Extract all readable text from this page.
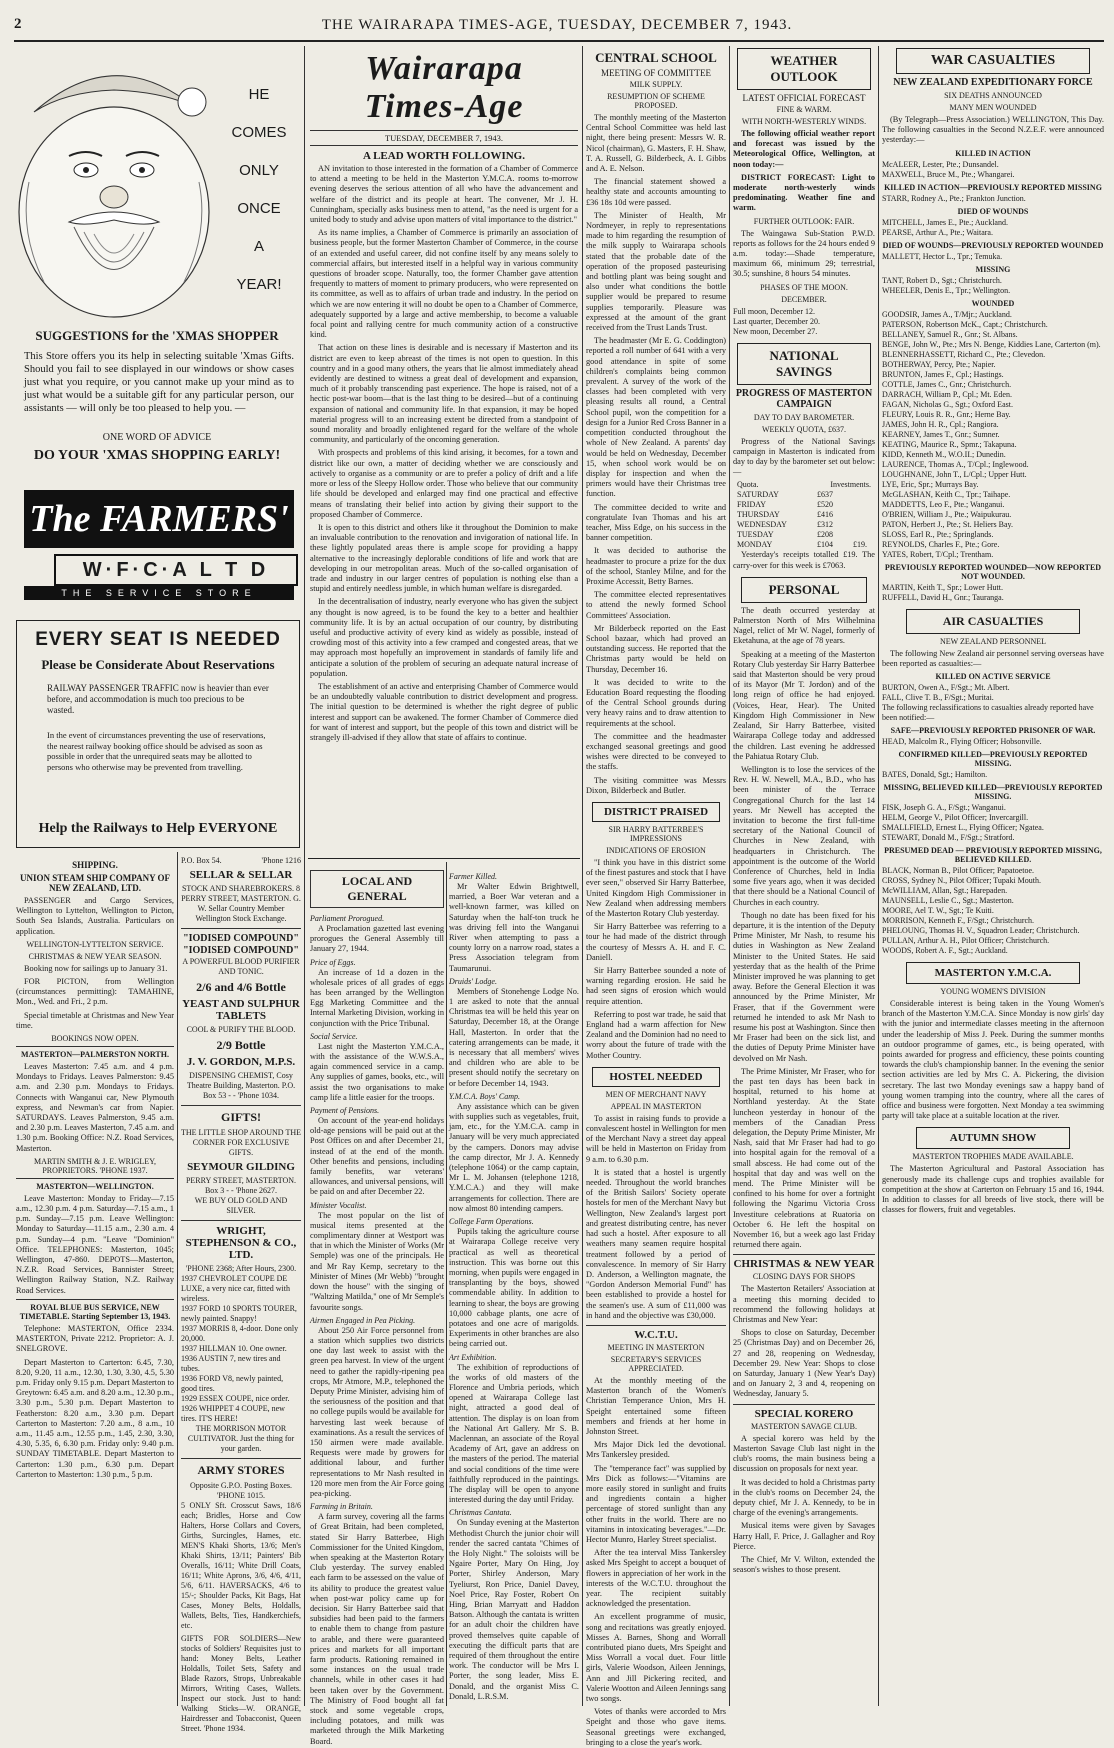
2	THE WAIRARAPA TIMES-AGE, TUESDAY, DECEMBER 7, 1943.
HE
COMES
ONLY
ONCE
A
YEAR!
SUGGESTIONS for the 'XMAS SHOPPER
This Store offers you its help in selecting suitable 'Xmas Gifts. Should you fail to see displayed in our windows or show cases just what you require, or you cannot make up your mind as to just what would be a suitable gift for any particular person, our assistants — will only be too pleased to help you. —
ONE WORD OF ADVICE
DO YOUR 'XMAS SHOPPING EARLY!
The FARMERS'
W·F·C·A L T D
THE SERVICE STORE
EVERY SEAT IS NEEDED
Please be Considerate About Reservations
RAILWAY PASSENGER TRAFFIC now is heavier than ever before, and accommodation is much too precious to be wasted.
In the event of circumstances preventing the use of reservations, the nearest railway booking office should be advised as soon as possible in order that the unrequired seats may be allotted to persons who otherwise may be prevented from travelling.
Help the Railways to Help EVERYONE
SHIPPING.
UNION STEAM SHIP COMPANY OF NEW ZEALAND, LTD.

PASSENGER and Cargo Services, Wellington to Lyttelton, Wellington to Picton, South Sea Islands, Australia. Particulars on application.

WELLINGTON-LYTTELTON SERVICE.
CHRISTMAS & NEW YEAR SEASON.

Booking now for sailings up to January 31.

FOR PICTON, from Wellington (circumstances permitting): TAMAHINE, Mon., Wed. and Fri., 2 p.m.

Special timetable at Christmas and New Year time.

BOOKINGS NOW OPEN.
MASTERTON—PALMERSTON NORTH.

Leaves Masterton: 7.45 a.m. and 4 p.m. Mondays to Fridays. Leaves Palmerston: 9.45 a.m. and 2.30 p.m. Mondays to Fridays. Connects with Wanganui car, New Plymouth express, and Newman's car from Napier. SATURDAYS. Leaves Palmerston, 9.45 a.m. and 2.30 p.m. Leaves Masterton, 7.45 a.m. and 1.30 p.m. Booking Office: N.Z. Road Services, Masterton.

MARTIN SMITH & J. E. WRIGLEY, PROPRIETORS. 'PHONE 1937.
MASTERTON—WELLINGTON.

Leave Masterton: Monday to Friday—7.15 a.m., 12.30 p.m. 4 p.m. Saturday—7.15 a.m., 1 p.m. Sunday—7.15 p.m. Leave Wellington: Monday to Saturday—11.15 a.m., 2.30 a.m. 4 p.m. Sunday—4 p.m. "Leave "Dominion" Office. TELEPHONES: Masterton, 1045; Wellington, 47-860. DEPOTS—Masterton, N.Z.R. Road Services, Bannister Street; Wellington Railway Station, N.Z. Railway Road Services.

ROYAL BLUE BUS SERVICE, NEW TIMETABLE. Starting September 13, 1943.

Telephone: MASTERTON, Office 2334. MASTERTON, Private 2212. Proprietor: A. J. SNELGROVE.

Depart Masterton to Carterton: 6.45, 7.30, 8.20, 9.20, 11 a.m., 12.30, 1.30, 3.30, 4.5, 5.30 p.m. Friday only 9.15 p.m. Depart Masterton to Greytown: 6.45 a.m. and 8.20 a.m., 12.30 p.m., 3.30 p.m., 5.30 p.m. Depart Masterton to Featherston: 8.20 a.m., 3.30 p.m. Depart Carterton to Masterton: 7.20 a.m., 8 a.m., 10 a.m., 11.45 a.m., 12.55 p.m., 1.45, 2.30, 3.30, 4.30, 5.35, 6, 6.30 p.m. Friday only: 9.40 p.m. SUNDAY TIMETABLE. Depart Masterton to Carterton: 1.30 p.m., 6.30 p.m. Depart Carterton to Masterton: 1.30 p.m., 5 p.m.

P.O. Box 54.	'Phone 1216
SELLAR & SELLAR
STOCK AND SHAREBROKERS. 8 PERRY STREET, MASTERTON. G. W. Sellar Country Member Wellington Stock Exchange.
"IODISED COMPOUND"
"IODISED COMPOUND"
A POWERFUL BLOOD PURIFIER AND TONIC.
2/6 and 4/6 Bottle
YEAST AND SULPHUR TABLETS
COOL & PURIFY THE BLOOD.
2/9 Bottle
J. V. GORDON, M.P.S.
DISPENSING CHEMIST, Cosy Theatre Building, Masterton. P.O. Box 53 - - 'Phone 1034.
GIFTS!
THE LITTLE SHOP AROUND THE CORNER FOR EXCLUSIVE GIFTS.
SEYMOUR GILDING
PERRY STREET, MASTERTON. Box 3 - - 'Phone 2627.
WE BUY OLD GOLD AND SILVER.
WRIGHT, STEPHENSON & CO., LTD.
'PHONE 2368; After Hours, 2300.
1937 CHEVROLET COUPE DE LUXE, a very nice car, fitted with wireless.
1937 FORD 10 SPORTS TOURER, newly painted. Snappy!
1937 MORRIS 8, 4-door. Done only 20,000.
1937 HILLMAN 10. One owner.
1936 AUSTIN 7, new tires and tubes.
1936 FORD V8, newly painted, good tires.
1929 ESSEX COUPE, nice order.
1926 WHIPPET 4 COUPE, new tires. IT'S HERE!
THE MORRISON MOTOR CULTIVATOR. Just the thing for your garden.
ARMY STORES
Opposite G.P.O. Posting Boxes. 'PHONE 1015.
5 ONLY Sft. Crosscut Saws, 18/6 each; Bridles, Horse and Cow Halters, Horse Collars and Covers, Girths, Surcingles, Hames, etc. MEN'S Khaki Shorts, 13/6; Men's Khaki Shirts, 13/11; Painters' Bib Overalls, 16/11; White Drill Coats, 16/11; White Aprons, 3/6, 4/6, 4/11, 5/6, 6/11. HAVERSACKS, 4/6 to 15/-; Shoulder Packs, Kit Bags, Hat Cases, Money Belts, Holdalls, Wallets, Belts, Ties, Handkerchiefs, etc.
GIFTS FOR SOLDIERS—New stocks of Soldiers' Requisites just to hand: Money Belts, Leather Holdalls, Toilet Sets, Safety and Blade Razors, Strops, Unbreakable Mirrors, Writing Cases, Wallets. Inspect our stock. Just to hand: Walking Sticks—W. ORANGE, Hairdresser and Tobacconist, Queen Street. 'Phone 1934.
Wairarapa Times-Age
TUESDAY, DECEMBER 7, 1943.
A LEAD WORTH FOLLOWING.

AN invitation to those interested in the formation of a Chamber of Commerce to attend a meeting to be held in the Masterton Y.M.C.A. rooms to-morrow evening deserves the serious attention of all who have the advancement and welfare of the district and its people at heart. The convener, Mr J. H. Cunningham, specially asks business men to attend, "as the need is urgent for a united body to study and advise upon matters of vital importance to the district."

As its name implies, a Chamber of Commerce is primarily an association of business people, but the former Masterton Chamber of Commerce, in the course of an extended and useful career, did not confine itself by any means solely to commercial affairs, but interested itself in a helpful way in various community questions of broader scope. Naturally, too, the former Chamber gave attention frequently to matters of moment to primary producers, who were represented on its committee, as well as to affairs of urban trade and industry. In the period on which we are now entering it will no doubt be open to a Chamber of Commerce, adequately supported by a large and active membership, to become a valuable focal point and rallying centre for much community action of a constructive kind.

That action on these lines is desirable and is necessary if Masterton and its district are even to keep abreast of the times is not open to question. In this country and in a good many others, the years that lie almost immediately ahead evidently are destined to witness a great deal of development and expansion, much of it probably transcending past experience. The hope is raised, not of a hectic post-war boom—that is the last thing to be desired—but of a continuing expansion of national and community life. In that expansion, it may be hoped material progress will to an increasing extent be directed from a standpoint of sound morality and broadly enlightened regard for the welfare of the whole community, and particularly of the oncoming generation.

With prospects and problems of this kind arising, it becomes, for a town and district like our own, a matter of deciding whether we are consciously and actively to organise as a community or are to prefer a policy of drift and a life more or less of the Sleepy Hollow order. Those who believe that our community life should be developed and enlarged may find one practical and effective means of translating their belief into action by giving their support to the proposed Chamber of Commerce.

It is open to this district and others like it throughout the Dominion to make an invaluable contribution to the renovation and invigoration of national life. In these lightly populated areas there is ample scope for providing a happy alternative to the increasingly deplorable conditions of life and work that are developing in our metropolitan areas. Much of the so-called organisation of trade and industry in our larger centres of population is nothing else than a stupid and entirely needless jumble, in which human welfare is disregarded.

In the decentralisation of industry, nearly everyone who has given the subject any thought is now agreed, is to be found the key to a better and healthier community life. It is by an actual occupation of our country, by distributing useful and productive activity of every kind as widely as possible, instead of crowding most of this activity into a few cramped and congested areas, that we may approach most hopefully an improvement in standards of family life and anticipate a solution of the problem of securing an adequate natural increase of population.

The establishment of an active and enterprising Chamber of Commerce would be an undoubtedly valuable contribution to district development and progress. The initial question to be determined is whether the right degree of public interest and support can be awakened. The former Chamber of Commerce died for want of interest and support, but the people of this town and district will be strangely ill-advised if they allow that state of affairs to continue.

LOCAL AND GENERAL
Parliament Prorogued.

A Proclamation gazetted last evening prorogues the General Assembly till January 27, 1944.

Price of Eggs.

An increase of 1d a dozen in the wholesale prices of all grades of eggs has been arranged by the Wellington Egg Marketing Committee and the Internal Marketing Division, working in conjunction with the Price Tribunal.

Social Service.

Last night the Masterton Y.M.C.A., with the assistance of the W.W.S.A., again commenced service in a camp. Any supplies of games, books, etc., will assist the two organisations to make camp life a little easier for the troops.

Payment of Pensions.

On account of the year-end holidays old-age pensions will be paid out at the Post Offices on and after December 21, instead of at the end of the month. Other benefits and pensions, including family benefits, war veterans' allowances, and universal pensions, will be paid on and after December 22.

Minister Vocalist.

The most popular on the list of musical items presented at the complimentary dinner at Westport was that in which the Minister of Works (Mr Semple) was one of the principals. He and Mr Ray Kemp, secretary to the Minister of Mines (Mr Webb) "brought down the house" with the singing of "Waltzing Matilda," one of Mr Semple's favourite songs.

Airmen Engaged in Pea Picking.

About 250 Air Force personnel from a station which supplies two districts one day last week to assist with the green pea harvest. In view of the urgent need to gather the rapidly-ripening pea crops, Mr Atmore, M.P., telephoned the Deputy Prime Minister, advising him of the seriousness of the position and that no college pupils would be available for harvesting last week because of examinations. As a result the services of 150 airmen were made available. Requests were made by growers for additional labour, and further representations to Mr Nash resulted in 120 more men from the Air Force going pea-picking.

Farming in Britain.

A farm survey, covering all the farms of Great Britain, had been completed, stated Sir Harry Batterbee, High Commissioner for the United Kingdom, when speaking at the Masterton Rotary Club yesterday. The survey enabled each farm to be assessed on the value of its ability to produce the greatest value when post-war policy came up for decision. Sir Harry Batterbee said that subsidies had been paid to the farmers to enable them to change from pasture to arable, and there were guaranteed prices and markets for all important farm products. Rationing remained in some instances on the usual trade channels, while in other cases it had been taken over by the Government. The Ministry of Food bought all fat stock and some vegetable crops, including potatoes, and milk was marketed through the Milk Marketing Board.

Farmer Killed.

Mr Walter Edwin Brightwell, married, a Boer War veteran and a well-known farmer, was killed on Saturday when the half-ton truck he was driving fell into the Wanganui River when attempting to pass a county lorry on a narrow road, states a Press Association telegram from Taumarunui.

Druids' Lodge.

Members of Stonehenge Lodge No. 1 are asked to note that the annual Christmas tea will be held this year on Saturday, December 18, at the Orange Hall, Masterton. In order that the catering arrangements can be made, it is necessary that all members' wives and children who are able to be present should notify the secretary on or before December 14, 1943.

Y.M.C.A. Boys' Camp.

Any assistance which can be given with supplies such as vegetables, fruit, jam, etc., for the Y.M.C.A. camp in January will be very much appreciated by the campers. Donors may advise the camp director, Mr J. A. Kennedy (telephone 1064) or the camp captain, Mr L. M. Johansen (telephone 1218, Y.M.C.A.) and they will make arrangements for collection. There are now almost 80 intending campers.

College Farm Operations.

Pupils taking the agriculture course at Wairarapa College receive very practical as well as theoretical instruction. This was borne out this morning, when pupils were engaged in transplanting by the boys, showed commendable ability. In addition to learning to shear, the boys are growing 10,000 cabbage plants, one acre of potatoes and one acre of marigolds. Experiments in other branches are also being carried out.

Art Exhibition.

The exhibition of reproductions of the works of old masters of the Florence and Umbria periods, which opened at Wairarapa College last night, attracted a good deal of attention. The display is on loan from the National Art Gallery. Mr S. B. Maclennan, an associate of the Royal Academy of Art, gave an address on the masters of the period. The material and social conditions of the time were faithfully reproduced in the paintings. The display will be open to anyone interested during the day until Friday.

Christmas Cantata.

On Sunday evening at the Masterton Methodist Church the junior choir will render the sacred cantata "Chimes of the Holy Night." The soloists will be Ngaire Porter, Mary On Hing, Joy Porter, Shirley Anderson, Mary Tyeliurst, Ron Price, Daniel Davey, Noel Price, Ray Foster, Robert On Hing, Brian Marryatt and Haddon Batson. Although the cantata is written for an adult choir the children have proved themselves quite capable of executing the difficult parts that are required of them throughout the entire work. The conductor will be Mrs I. Porter, the song leader, Miss E. Donald, and the organist Miss C. Donald, L.R.S.M.

CENTRAL SCHOOL
MEETING OF COMMITTEE
MILK SUPPLY.
RESUMPTION OF SCHEME PROPOSED.

The monthly meeting of the Masterton Central School Committee was held last night, there being present: Messrs W. R. Nicol (chairman), G. Masters, F. H. Shaw, T. A. Russell, G. Bilderbeck, A. I. Gibbs and A. E. Nelson.

The financial statement showed a healthy state and accounts amounting to £36 18s 10d were passed.

The Minister of Health, Mr Nordmeyer, in reply to representations made to him regarding the resumption of the milk supply to Wairarapa schools stated that the probable date of the operation of the proposed pasteurising and bottling plant was being sought and also under what conditions the bottle supplier would be prepared to resume supplies temporarily. Pleasure was expressed at the amount of the grant received from the Trust Lands Trust.

The headmaster (Mr E. G. Coddington) reported a roll number of 641 with a very good attendance in spite of some children's complaints being common prevalent. A survey of the work of the classes had been completed with very pleasing results all round, a Central School pupil, won the competition for a design for a Junior Red Cross Banner in a competition conducted throughout the whole of New Zealand. A parents' day would be held on Wednesday, December 15, when school work would be on display for inspection and when the primers would have their Christmas tree function.

The committee decided to write and congratulate Ivan Thomas and his art teacher, Miss Edge, on his success in the banner competition.

It was decided to authorise the headmaster to procure a prize for the dux of the school, Stanley Milne, and for the Proxime Accessit, Betty Barnes.

The committee elected representatives to attend the newly formed School Committees' Association.

Mr Bilderbeck reported on the East School bazaar, which had proved an outstanding success. He reported that the Christmas party would be held on Thursday, December 16.

It was decided to write to the Education Board requesting the flooding of the Central School grounds during very heavy rains and to draw attention to requirements at the school.

The committee and the headmaster exchanged seasonal greetings and good wishes were directed to be conveyed to the staffs.

The visiting committee was Messrs Dixon, Bilderbeck and Butler.

DISTRICT PRAISED
SIR HARRY BATTERBEE'S IMPRESSIONS
INDICATIONS OF EROSION

"I think you have in this district some of the finest pastures and stock that I have ever seen," observed Sir Harry Batterbee, United Kingdom High Commissioner in New Zealand when addressing members of the Masterton Rotary Club yesterday.

Sir Harry Batterbee was referring to a tour he had made of the district through the courtesy of Messrs A. H. and F. C. Daniell.

Sir Harry Batterbee sounded a note of warning regarding erosion. He said he had seen signs of erosion which would require attention.

Referring to post war trade, he said that England had a warm affection for New Zealand and the Dominion had no need to worry about the future of trade with the Mother Country.

HOSTEL NEEDED
MEN OF MERCHANT NAVY
APPEAL IN MASTERTON

To assist in raising funds to provide a convalescent hostel in Wellington for men of the Merchant Navy a street day appeal will be held in Masterton on Friday from 9 a.m. to 6.30 p.m.

It is stated that a hostel is urgently needed. Throughout the world branches of the British Sailors' Society operate hostels for men of the Merchant Navy but Wellington, New Zealand's largest port and greatest distributing centre, has never had such a hostel. After exposure to all weathers many seamen require hospital treatment followed by a period of convalescence. In memory of Sir Harry D. Anderson, a Wellington magnate, the "Gordon Anderson Memorial Fund" has been established to provide a hostel for the seamen's use. A sum of £11,000 was in hand and the objective was £30,000.

W.C.T.U.
MEETING IN MASTERTON
SECRETARY'S SERVICES APPRECIATED.

At the monthly meeting of the Masterton branch of the Women's Christian Temperance Union, Mrs H. Speight entertained some fifteen members and friends at her home in Johnston Street.

Mrs Major Dick led the devotional. Mrs Tankersley presided.

The "temperance fact" was supplied by Mrs Dick as follows:—"Vitamins are more easily stored in sunlight and fruits and ingredients contain a higher percentage of stored sunlight than any other fruits in the world. There are no vitamins in intoxicating beverages."—Dr. Hector Munro, Harley Street specialist.

After the tea interval Miss Tankersley asked Mrs Speight to accept a bouquet of flowers in appreciation of her work in the interests of the W.C.T.U. throughout the year. The recipient suitably acknowledged the presentation.

An excellent programme of music, song and recitations was greatly enjoyed. Misses A. Barnes, Shong and Worrall contributed piano duets, Mrs Speight and Miss Worrall a vocal duet. Four little girls, Valerie Woodson, Aileen Jennings, Ann and Jill Pickering recited, and Valerie Wootton and Aileen Jennings sang two songs.

Votes of thanks were accorded to Mrs Speight and those who gave items. Seasonal greetings were exchanged, bringing to a close the year's work.

WEATHER OUTLOOK
LATEST OFFICIAL FORECAST
FINE & WARM.
WITH NORTH-WESTERLY WINDS.

The following official weather report and forecast was issued by the Meteorological Office, Wellington, at noon today:—

DISTRICT FORECAST: Light to moderate north-westerly winds predominating. Weather fine and warm.

FURTHER OUTLOOK: FAIR.

The Waingawa Sub-Station P.W.D. reports as follows for the 24 hours ended 9 a.m. today:—Shade temperature, maximum 66, minimum 29; terrestrial, 30.5; sunshine, 8 hours 54 minutes.

PHASES OF THE MOON.
DECEMBER.
Full moon, December 12.
Last quarter, December 20.
New moon, December 27.
NATIONAL SAVINGS
PROGRESS OF MASTERTON CAMPAIGN
DAY TO DAY BAROMETER.
WEEKLY QUOTA, £637.

Progress of the National Savings campaign in Masterton is indicated from day to day by the barometer set out below:—

Quota.	Investments.
SATURDAY	£637
FRIDAY	£520
THURSDAY	£416
WEDNESDAY	£312
TUESDAY	£208
MONDAY	£104	£19.

Yesterday's receipts totalled £19. The carry-over for this week is £7063.

PERSONAL

The death occurred yesterday at Palmerston North of Mrs Wilhelmina Nagel, relict of Mr W. Nagel, formerly of Eketahuna, at the age of 78 years.

Speaking at a meeting of the Masterton Rotary Club yesterday Sir Harry Batterbee said that Masterton should be very proud of its Mayor (Mr T. Jordon) and of the long reign of office he had enjoyed. (Voices, Hear, Hear). The United Kingdom High Commissioner in New Zealand, Sir Harry Batterbee, visited Wairarapa College today and addressed the children. Last evening he addressed the Pahiatua Rotary Club.

Wellington is to lose the services of the Rev. H. W. Newell, M.A., B.D., who has been minister of the Terrace Congregational Church for the last 14 years. Mr Newell has accepted the invitation to become the first full-time secretary of the National Council of Churches in New Zealand, with headquarters in Christchurch. The appointment is the outcome of the World Conference of Churches, held in India some five years ago, when it was decided that there should be a National Council of Churches in each country.

Though no date has been fixed for his departure, it is the intention of the Deputy Prime Minister, Mr Nash, to resume his duties in Washington as New Zealand Minister to the United States. He said yesterday that as the health of the Prime Minister improved he was planning to get away. Before the General Election it was announced by the Prime Minister, Mr Fraser, that if the Government were returned he intended to ask Mr Nash to resume his post at Washington. Since then Mr Fraser had been on the sick list, and the duties of Deputy Prime Minister have devolved on Mr Nash.

The Prime Minister, Mr Fraser, who for the past ten days has been back in hospital, returned to his home at Northland yesterday. At the State luncheon yesterday in honour of the members of the Canadian Press delegation, the Deputy Prime Minister, Mr Nash, said that Mr Fraser had had to go into hospital again for the removal of a small abscess. He had come out of the hospital that day and was well on the mend. The Prime Minister will be confined to his home for over a fortnight following the Ngarimu Victoria Cross Investiture celebrations at Ruatoria on October 6. He left the hospital on November 16, but a week ago last Friday returned there again.

CHRISTMAS & NEW YEAR
CLOSING DAYS FOR SHOPS

The Masterton Retailers' Association at a meeting this morning decided to recommend the following holidays at Christmas and New Year:

Shops to close on Saturday, December 25 (Christmas Day) and on December 26, 27 and 28, reopening on Wednesday, December 29. New Year: Shops to close on Saturday, January 1 (New Year's Day) and on January 2, 3 and 4, reopening on Wednesday, January 5.

SPECIAL KORERO
MASTERTON SAVAGE CLUB.

A special korero was held by the Masterton Savage Club last night in the club's rooms, the main business being a discussion on proposals for next year.

It was decided to hold a Christmas party in the club's rooms on December 24, the deputy chief, Mr J. A. Kennedy, to be in charge of the evening's arrangements.

Musical items were given by Savages Harry Hall, F. Price, J. Gallagher and Roy Pierce.

The Chief, Mr V. Wilton, extended the season's wishes to those present.

WAR CASUALTIES
NEW ZEALAND EXPEDITIONARY FORCE
SIX DEATHS ANNOUNCED
MANY MEN WOUNDED

(By Telegraph—Press Association.) WELLINGTON, This Day. The following casualties in the Second N.Z.E.F. were announced yesterday:—

KILLED IN ACTION
McALEER, Lester, Pte.; Dunsandel.
MAXWELL, Bruce M., Pte.; Whangarei.
KILLED IN ACTION—PREVIOUSLY REPORTED MISSING
STARR, Rodney A., Pte.; Frankton Junction.
DIED OF WOUNDS
MITCHELL, James E., Pte.; Auckland.
PEARSE, Arthur A., Pte.; Waitara.
DIED OF WOUNDS—PREVIOUSLY REPORTED WOUNDED
MALLETT, Hector L., Tpr.; Temuka.
MISSING
TANT, Robert D., Sgt.; Christchurch.
WHEELER, Denis E., Tpr.; Wellington.
WOUNDED
GOODSIR, James A., T/Mjr.; Auckland.
PATERSON, Robertson McK., Capt.; Christchurch.
BELLANEY, Samuel R., Gnr.; St. Albans.
BENGE, John W., Pte.; Mrs N. Benge, Kiddies Lane, Carterton (m).
BLENNERHASSETT, Richard C., Pte.; Clevedon.
BOTHERWAY, Percy, Pte.; Napier.
BRUNTON, James F., Cpl.; Hastings.
COTTLE, James C., Gnr.; Christchurch.
DARRACH, William P., Cpl.; Mt. Eden.
FAGAN, Nicholas G., Sgt.; Oxford East.
FLEURY, Louis R. R., Gnr.; Herne Bay.
JAMES, John H. R., Cpl.; Rangiora.
KEARNEY, James T., Gnr.; Sumner.
KEATING, Maurice R., Spmr.; Takapuna.
KIDD, Kenneth M., W.O.II.; Dunedin.
LAURENCE, Thomas A., T/Cpl.; Inglewood.
LOUGHNANE, John T., L/Cpl.; Upper Hutt.
LYE, Eric, Spr.; Murrays Bay.
McGLASHAN, Keith C., Tpr.; Taihape.
MADDETTS, Leo F., Pte.; Wanganui.
O'BRIEN, William J., Pte.; Waipukurau.
PATON, Herbert J., Pte.; St. Heliers Bay.
SLOSS, Earl R., Pte.; Springlands.
REYNOLDS, Charles F., Pte.; Gore.
YATES, Robert, T/Cpl.; Trentham.
PREVIOUSLY REPORTED WOUNDED—NOW REPORTED NOT WOUNDED.
MARTIN, Keith T., Spr.; Lower Hutt.
RUFFELL, David H., Gnr.; Tauranga.
AIR CASUALTIES
NEW ZEALAND PERSONNEL

The following New Zealand air personnel serving overseas have been reported as casualties:—

KILLED ON ACTIVE SERVICE
BURTON, Owen A., F/Sgt.; Mt. Albert.
FALL, Clive T. B., F/Sgt.; Muritai.
The following reclassifications to casualties already reported have been notified:—
SAFE—PREVIOUSLY REPORTED PRISONER OF WAR.
HEAD, Malcolm R., Flying Officer; Hobsonville.
CONFIRMED KILLED—PREVIOUSLY REPORTED MISSING.
BATES, Donald, Sgt.; Hamilton.
MISSING, BELIEVED KILLED—PREVIOUSLY REPORTED MISSING.
FISK, Joseph G. A., F/Sgt.; Wanganui.
HELM, George V., Pilot Officer; Invercargill.
SMALLFIELD, Ernest L., Flying Officer; Ngatea.
STEWART, Donald M., F/Sgt.; Stratford.
PRESUMED DEAD — PREVIOUSLY REPORTED MISSING, BELIEVED KILLED.
BLACK, Norman B., Pilot Officer; Papatoetoe.
CROSS, Sydney N., Pilot Officer; Tupaki Mouth.
McWILLIAM, Allan, Sgt.; Harepaden.
MAUNSELL, Leslie C., Sgt.; Masterton.
MOORE, Ael T. W., Sgt.; Te Kuiti.
MORRISON, Kenneth F., F/Sgt.; Christchurch.
PHELOUNG, Thomas H. V., Squadron Leader; Christchurch.
PULLAN, Arthur A. H., Pilot Officer; Christchurch.
WOODS, Robert A. F., Sgt.; Auckland.
MASTERTON Y.M.C.A.
YOUNG WOMEN'S DIVISION

Considerable interest is being taken in the Young Women's branch of the Masterton Y.M.C.A. Since Monday is now girls' day with the junior and intermediate classes meeting in the afternoon under the leadership of Miss J. Peek. During the summer months an outdoor programme of games, etc., is being operated, with points awarded for progress and efficiency, these points counting towards the club's championship banner. In the evening the senior section activities are led by Mrs C. A. Pickering, the division secretary. The last two Monday evenings saw a happy band of young women tramping into the country, where all the cares of office and business were forgotten. Next Monday a tea swimming party will take place at a suitable location at the river.

AUTUMN SHOW
MASTERTON TROPHIES MADE AVAILABLE.

The Masterton Agricultural and Pastoral Association has generously made its challenge cups and trophies available for competition at the show at Carterton on February 15 and 16, 1944. In addition to classes for all breeds of live stock, there will be classes for flowers, fruit and vegetables.
